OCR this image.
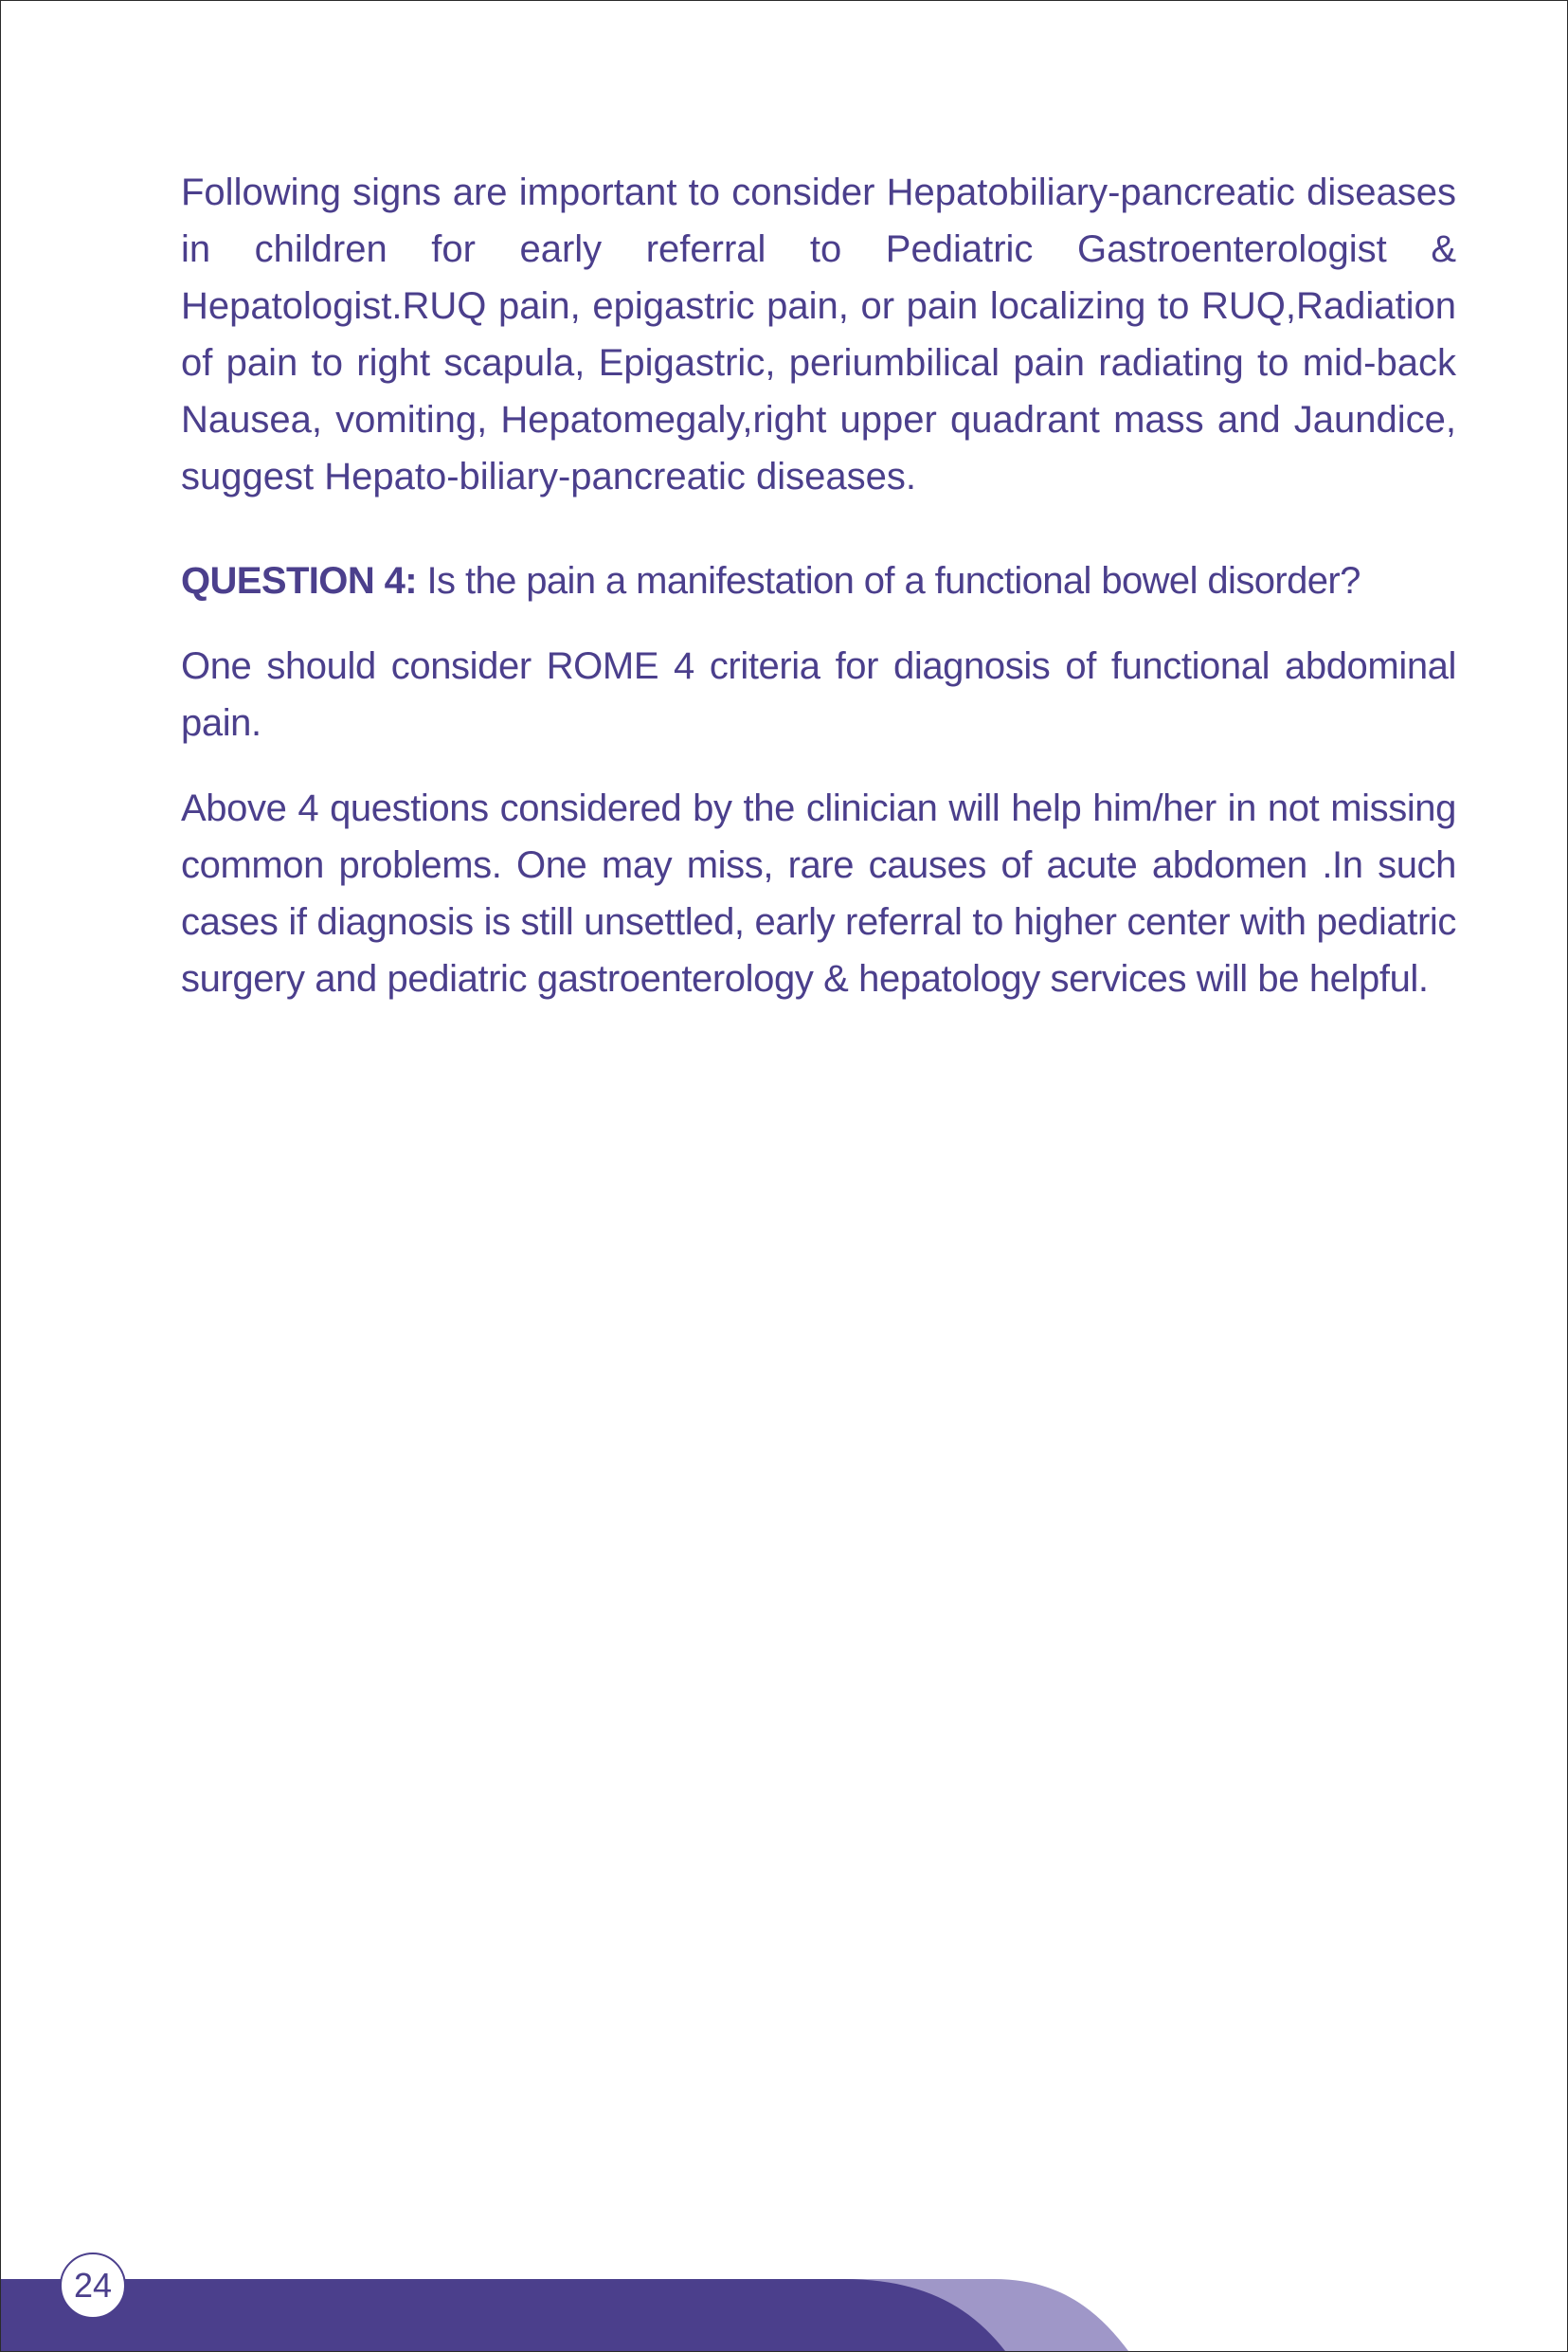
Following signs are important to consider Hepatobiliary-pancreatic diseases in children for early referral to Pediatric Gastroenterologist & Hepatologist.RUQ pain, epigastric pain, or pain localizing to RUQ,Radiation of pain to right scapula, Epigastric, periumbilical pain radiating to mid-back Nausea, vomiting, Hepatomegaly,right upper quadrant mass and Jaundice, suggest Hepato-biliary-pancreatic diseases.

QUESTION 4: Is the pain a manifestation of a functional bowel disorder?

One should consider ROME 4 criteria for diagnosis of functional abdominal pain.

Above 4 questions considered by the clinician will help him/her in not missing common problems. One may miss, rare causes of acute abdomen .In such cases if diagnosis is still unsettled, early referral to higher center with pediatric surgery and pediatric gastroenterology & hepatology services will be helpful.

24
